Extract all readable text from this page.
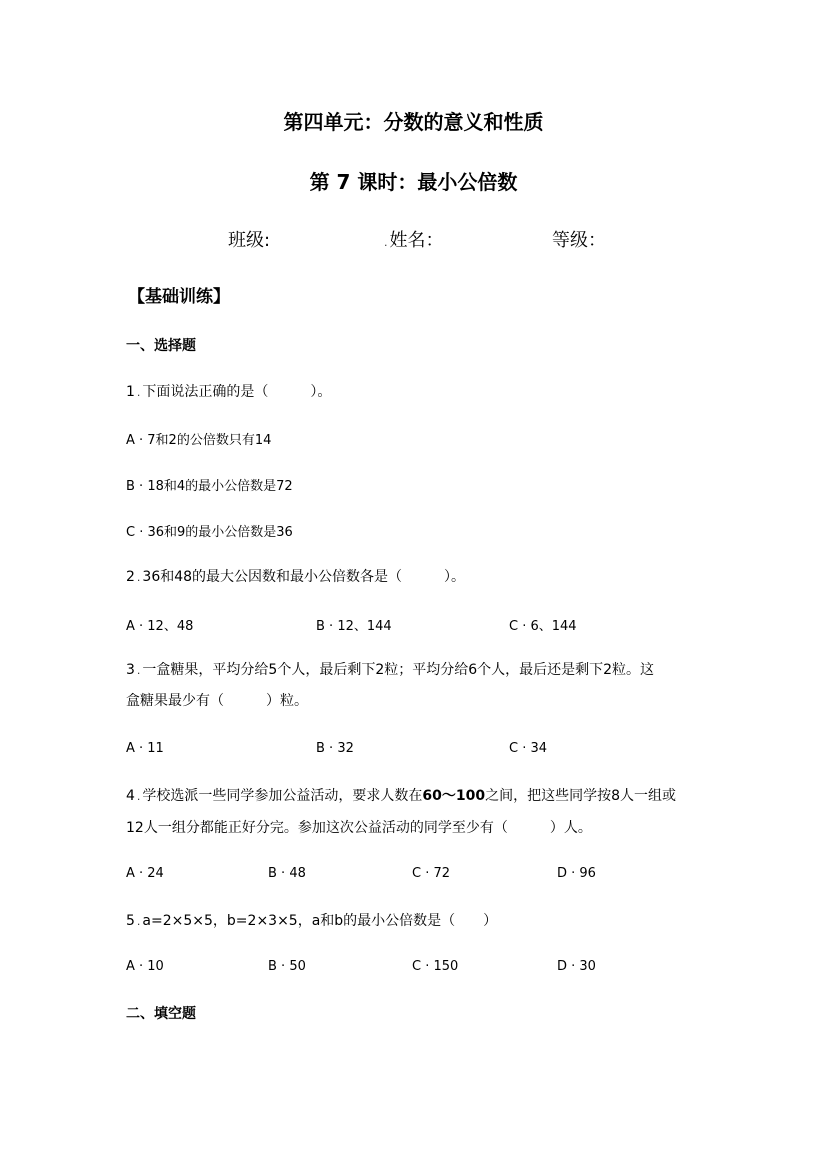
第四单元：分数的意义和性质
第 7 课时：最小公倍数
班级:	. 姓名：	等级：
【基础训练】
一、选择题
1 . 下面说法正确的是（　　　）。
A · 7和2的公倍数只有14
B · 18和4的最小公倍数是72
C · 36和9的最小公倍数是36
2 . 36和48的最大公因数和最小公倍数各是（　　　）。
A · 12、48	B · 12、144	C · 6、144
3 . 一盒糖果，平均分给5个人，最后剩下2粒；平均分给6个人，最后还是剩下2粒。这
盒糖果最少有（　　　）粒。
A · 11	B · 32	C · 34
4 . 学校选派一些同学参加公益活动，要求人数在60～100之间，把这些同学按8人一组或
12人一组分都能正好分完。参加这次公益活动的同学至少有（　　　）人。
A · 24	B · 48	C · 72	D · 96
5 . a=2×5×5，b=2×3×5，a和b的最小公倍数是（　　）
A · 10	B · 50	C · 150	D · 30
二、填空题
